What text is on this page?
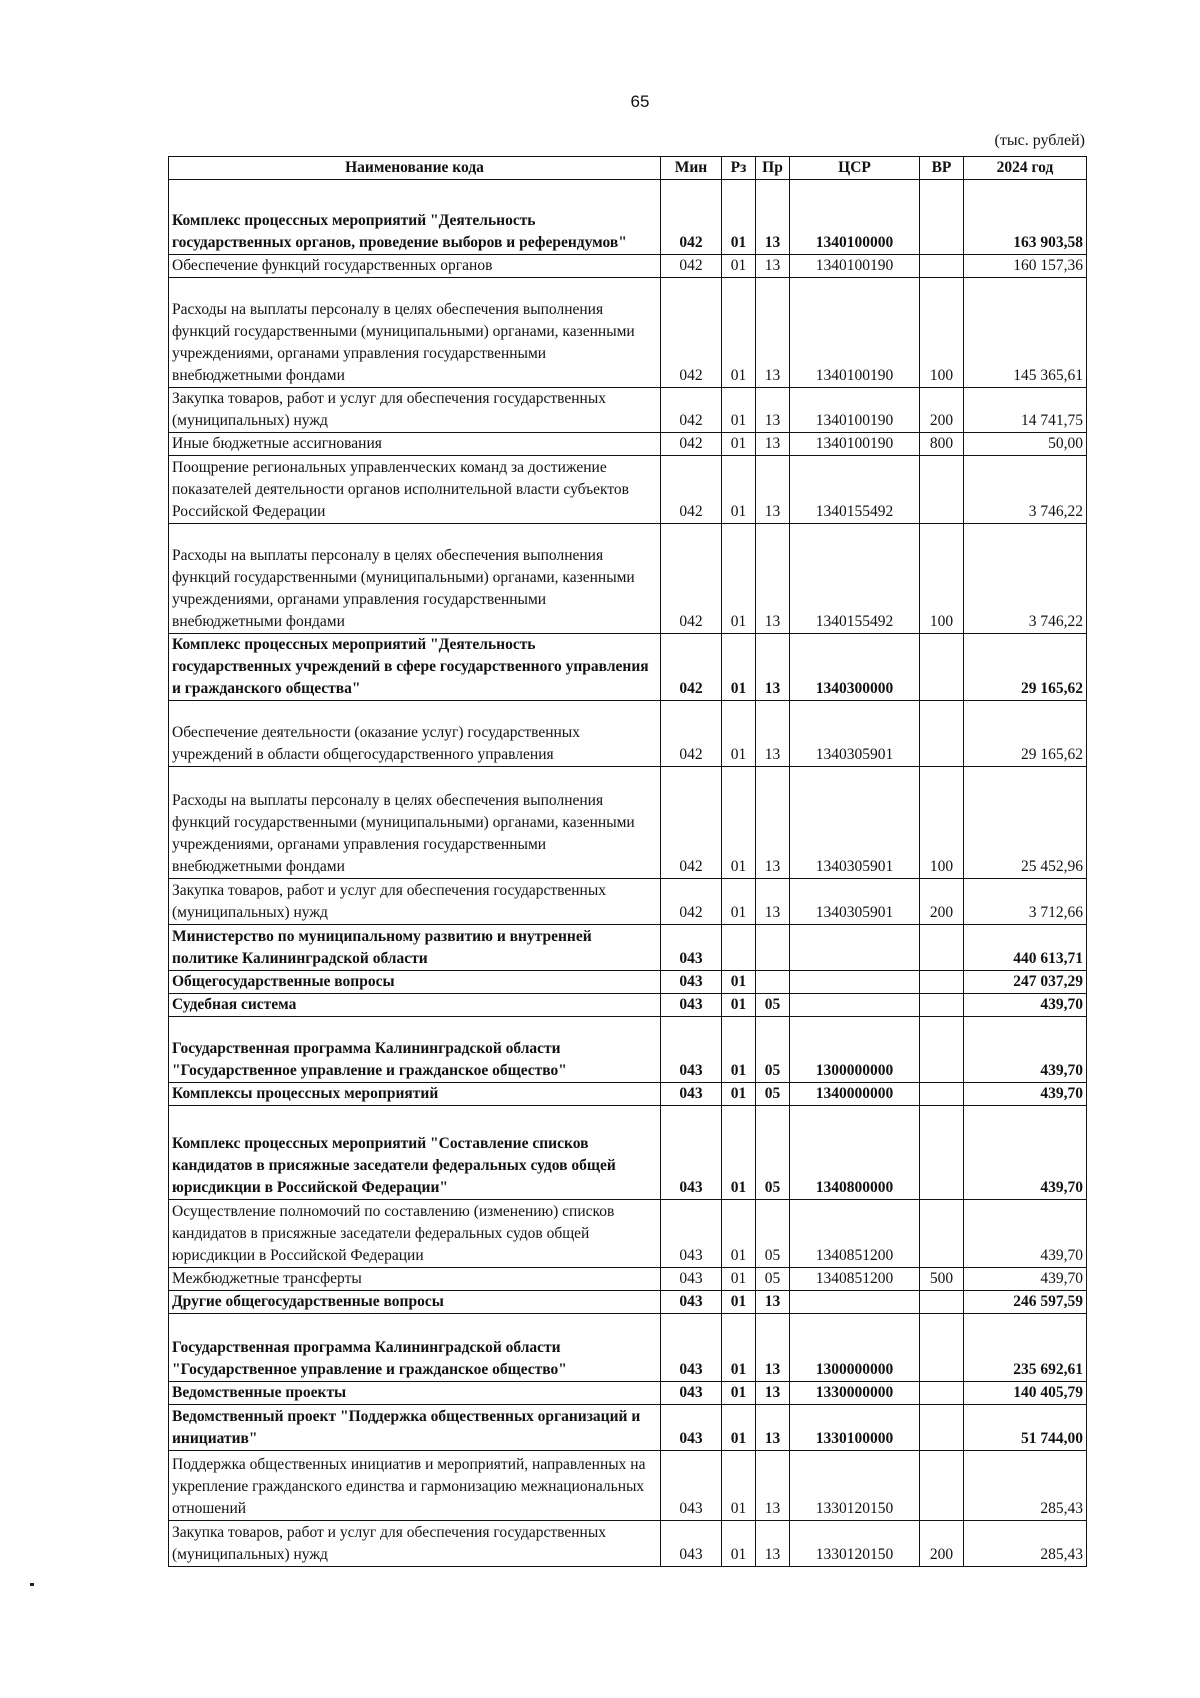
65
(тыс. рублей)
Наименование кода	Мин	Рз	Пр	ЦСР	ВР	2024 год
Комплекс процессных мероприятий "Деятельность государственных органов, проведение выборов и референдумов"	042	01	13	1340100000		163 903,58
Обеспечение функций государственных органов	042	01	13	1340100190		160 157,36
Расходы на выплаты персоналу в целях обеспечения выполнения функций государственными (муниципальными) органами, казенными учреждениями, органами управления государственными внебюджетными фондами	042	01	13	1340100190	100	145 365,61
Закупка товаров, работ и услуг для обеспечения государственных (муниципальных) нужд	042	01	13	1340100190	200	14 741,75
Иные бюджетные ассигнования	042	01	13	1340100190	800	50,00
Поощрение региональных управленческих команд за достижение показателей деятельности органов исполнительной власти субъектов Российской Федерации	042	01	13	1340155492		3 746,22
Расходы на выплаты персоналу в целях обеспечения выполнения функций государственными (муниципальными) органами, казенными учреждениями, органами управления государственными внебюджетными фондами	042	01	13	1340155492	100	3 746,22
Комплекс процессных мероприятий "Деятельность государственных учреждений в сфере государственного управления и гражданского общества"	042	01	13	1340300000		29 165,62
Обеспечение деятельности (оказание услуг) государственных учреждений в области общегосударственного управления	042	01	13	1340305901		29 165,62
Расходы на выплаты персоналу в целях обеспечения выполнения функций государственными (муниципальными) органами, казенными учреждениями, органами управления государственными внебюджетными фондами	042	01	13	1340305901	100	25 452,96
Закупка товаров, работ и услуг для обеспечения государственных (муниципальных) нужд	042	01	13	1340305901	200	3 712,66
Министерство по муниципальному развитию и внутренней политике Калининградской области	043					440 613,71
Общегосударственные вопросы	043	01				247 037,29
Судебная система	043	01	05			439,70
Государственная программа Калининградской области "Государственное управление и гражданское общество"	043	01	05	1300000000		439,70
Комплексы процессных мероприятий	043	01	05	1340000000		439,70
Комплекс процессных мероприятий "Составление списков кандидатов в присяжные заседатели федеральных судов общей юрисдикции в Российской Федерации"	043	01	05	1340800000		439,70
Осуществление полномочий по составлению (изменению) списков кандидатов в присяжные заседатели федеральных судов общей юрисдикции в Российской Федерации	043	01	05	1340851200		439,70
Межбюджетные трансферты	043	01	05	1340851200	500	439,70
Другие общегосударственные вопросы	043	01	13			246 597,59
Государственная программа Калининградской области "Государственное управление и гражданское общество"	043	01	13	1300000000		235 692,61
Ведомственные проекты	043	01	13	1330000000		140 405,79
Ведомственный проект "Поддержка общественных организаций и инициатив"	043	01	13	1330100000		51 744,00
Поддержка общественных инициатив и мероприятий, направленных на укрепление гражданского единства и гармонизацию межнациональных отношений	043	01	13	1330120150		285,43
Закупка товаров, работ и услуг для обеспечения государственных (муниципальных) нужд	043	01	13	1330120150	200	285,43
